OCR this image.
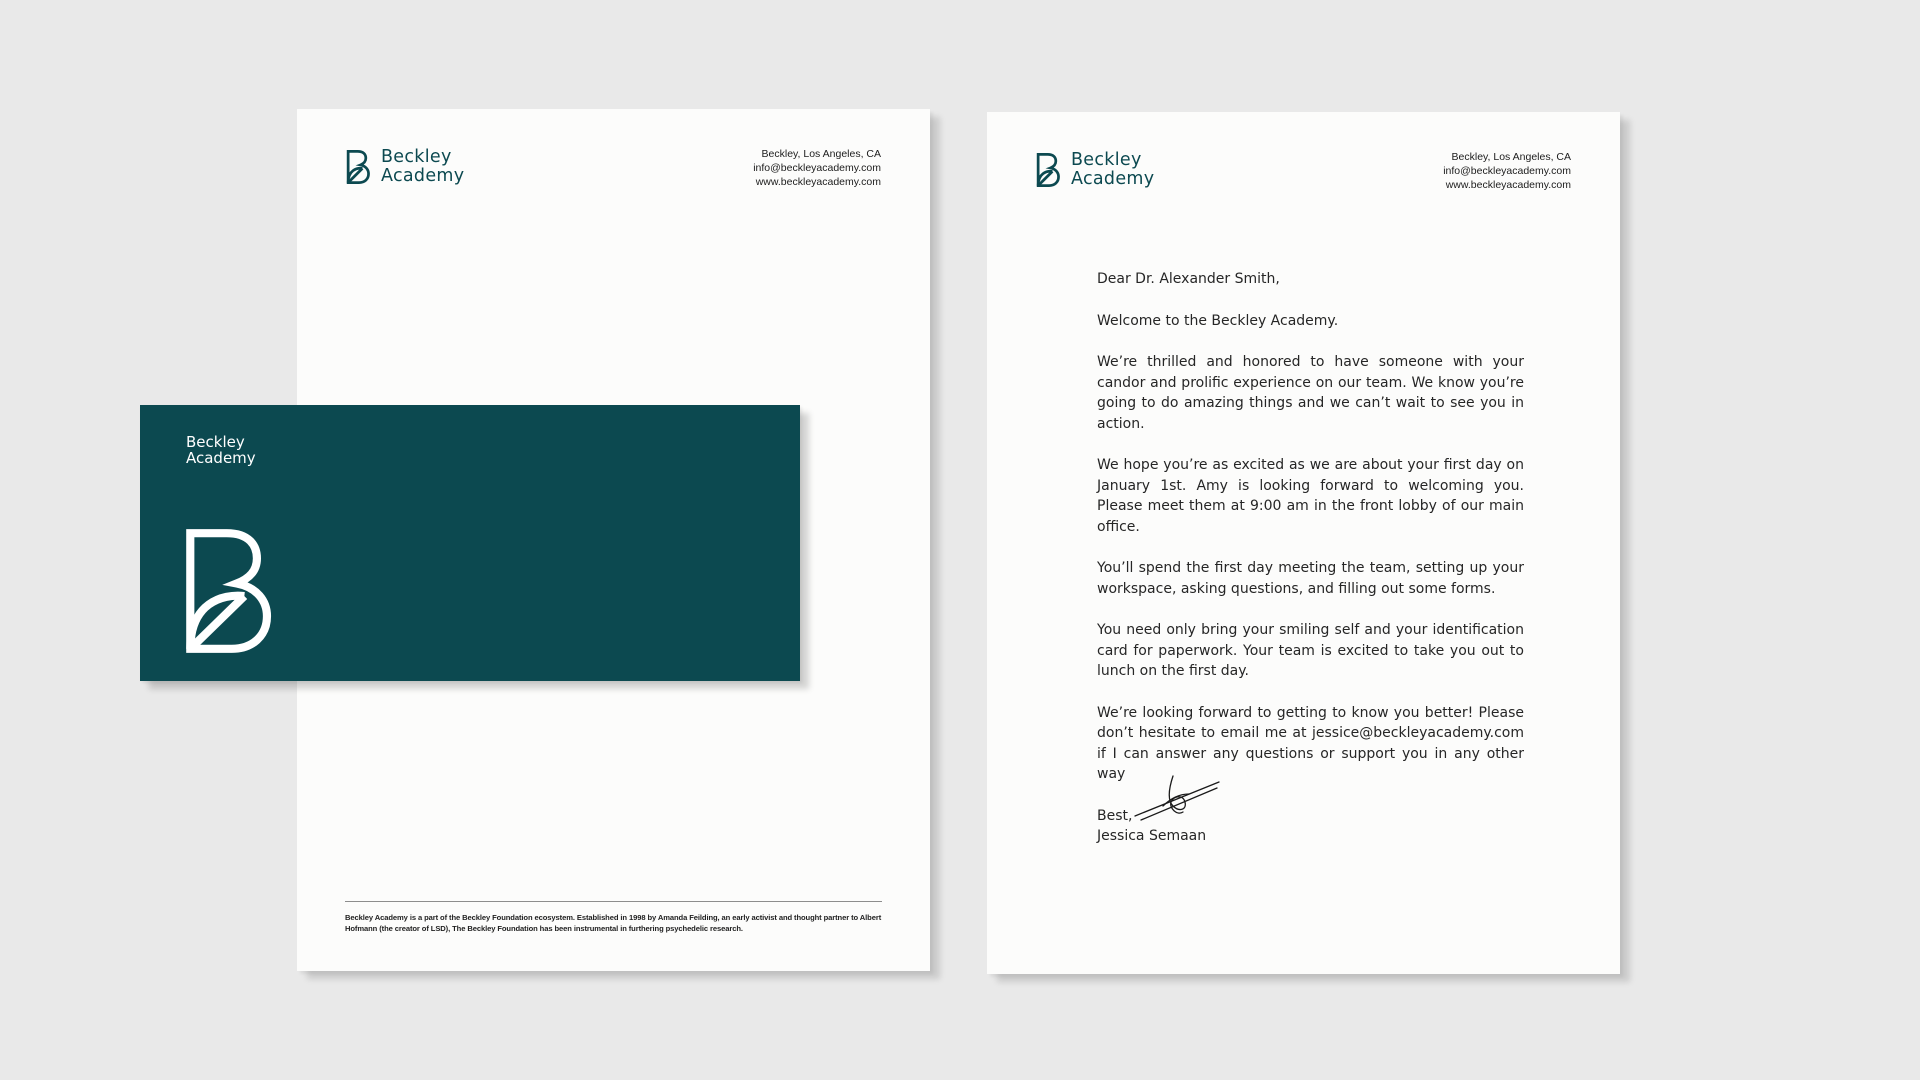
Beckley
Academy
Beckley, Los Angeles, CA
info@beckleyacademy.com
www.beckleyacademy.com
Beckley Academy is a part of the Beckley Foundation ecosystem. Established in 1998 by Amanda Feilding, an early activist and thought partner to Albert Hofmann (the creator of LSD), The Beckley Foundation has been instrumental in furthering psychedelic research.
Beckley
Academy
Beckley, Los Angeles, CA
info@beckleyacademy.com
www.beckleyacademy.com

Dear Dr. Alexander Smith,

Welcome to the Beckley Academy.

We’re thrilled and honored to have someone with your candor and prolific experience on our team. We know you’re going to do amazing things and we can’t wait to see you in action.

We hope you’re as excited as we are about your first day on January 1st. Amy is looking forward to welcoming you. Please meet them at 9:00 am in the front lobby of our main office.

You’ll spend the first day meeting the team, setting up your workspace, asking questions, and filling out some forms.

You need only bring your smiling self and your identification card for paperwork. Your team is excited to take you out to lunch on the first day.

We’re looking forward to getting to know you better! Please don’t hesitate to email me at jessice@beckleyacademy.com if I can answer any questions or support you in any other way

Best,
Jessica Semaan
Beckley
Academy
